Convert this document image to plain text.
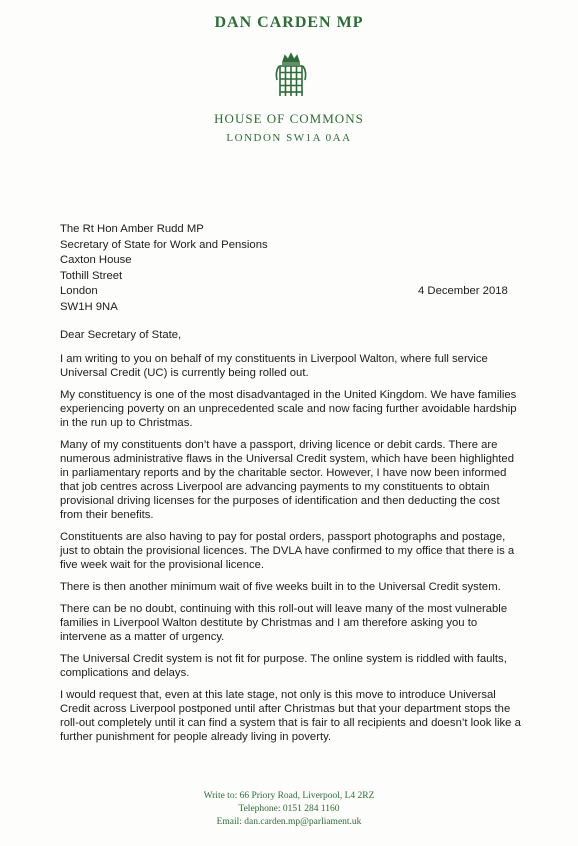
DAN CARDEN MP
HOUSE OF COMMONS
LONDON SW1A 0AA
The Rt Hon Amber Rudd MP
Secretary of State for Work and Pensions
Caxton House
Tothill Street
London
SW1H 9NA
4 December 2018

Dear Secretary of State,

I am writing to you on behalf of my constituents in Liverpool Walton, where full service Universal Credit (UC) is currently being rolled out.

My constituency is one of the most disadvantaged in the United Kingdom. We have families experiencing poverty on an unprecedented scale and now facing further avoidable hardship in the run up to Christmas.

Many of my constituents don’t have a passport, driving licence or debit cards. There are numerous administrative flaws in the Universal Credit system, which have been highlighted in parliamentary reports and by the charitable sector. However, I have now been informed that job centres across Liverpool are advancing payments to my constituents to obtain provisional driving licenses for the purposes of identification and then deducting the cost from their benefits.

Constituents are also having to pay for postal orders, passport photographs and postage, just to obtain the provisional licences. The DVLA have confirmed to my office that there is a five week wait for the provisional licence.

There is then another minimum wait of five weeks built in to the Universal Credit system.

There can be no doubt, continuing with this roll-out will leave many of the most vulnerable families in Liverpool Walton destitute by Christmas and I am therefore asking you to intervene as a matter of urgency.

The Universal Credit system is not fit for purpose. The online system is riddled with faults, complications and delays.

I would request that, even at this late stage, not only is this move to introduce Universal Credit across Liverpool postponed until after Christmas but that your department stops the roll-out completely until it can find a system that is fair to all recipients and doesn’t look like a further punishment for people already living in poverty.

Write to: 66 Priory Road, Liverpool, L4 2RZ
Telephone: 0151 284 1160
Email: dan.carden.mp@parliament.uk
